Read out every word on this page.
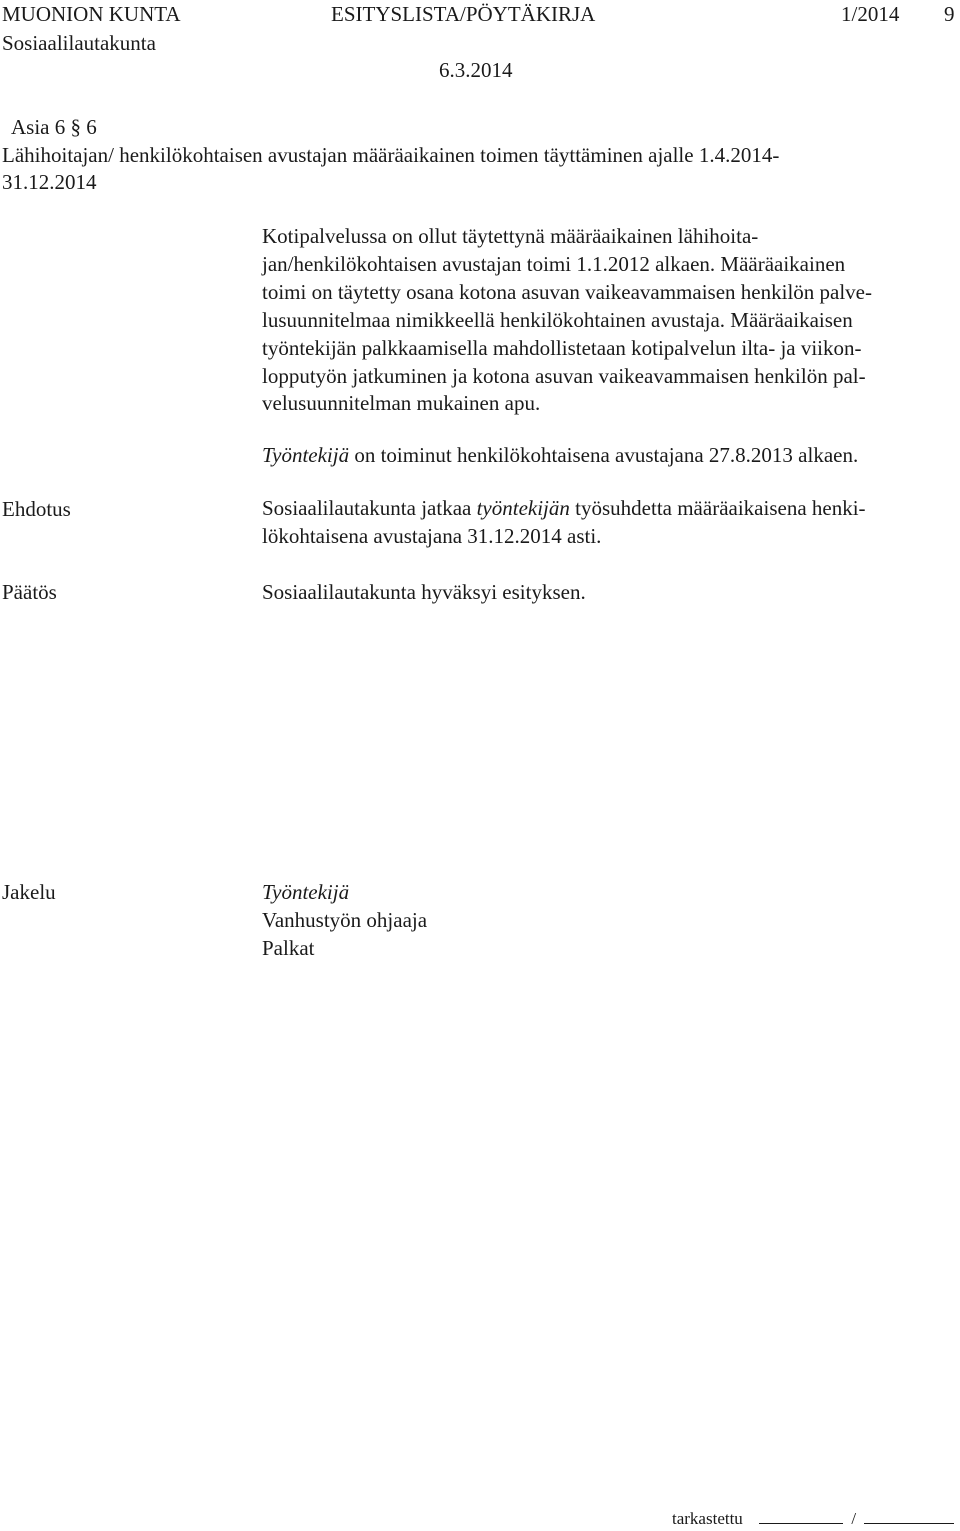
MUONION KUNTA	ESITYSLISTA/PÖYTÄKIRJA	1/2014 9
Sosiaalilautakunta
6.3.2014
Asia 6 § 6
Lähihoitajan/ henkilökohtaisen avustajan määräaikainen toimen täyttäminen ajalle 1.4.2014-
31.12.2014
Kotipalvelussa on ollut täytettynä määräaikainen lähihoita-
jan/henkilökohtaisen avustajan toimi 1.1.2012 alkaen. Määräaikainen
toimi on täytetty osana kotona asuvan vaikeavammaisen henkilön palve-
lusuunnitelmaa nimikkeellä henkilökohtainen avustaja. Määräaikaisen
työntekijän palkkaamisella mahdollistetaan kotipalvelun ilta- ja viikon-
lopputyön jatkuminen ja kotona asuvan vaikeavammaisen henkilön pal-
velusuunnitelman mukainen apu.
Työntekijä on toiminut henkilökohtaisena avustajana 27.8.2013 alkaen.
Ehdotus	Sosiaalilautakunta jatkaa työntekijän työsuhdetta määräaikaisena henki-
lökohtaisena avustajana 31.12.2014 asti.
Päätös	Sosiaalilautakunta hyväksyi esityksen.
Jakelu	Työntekijä
Vanhustyön ohjaaja
Palkat
tarkastettu	/
